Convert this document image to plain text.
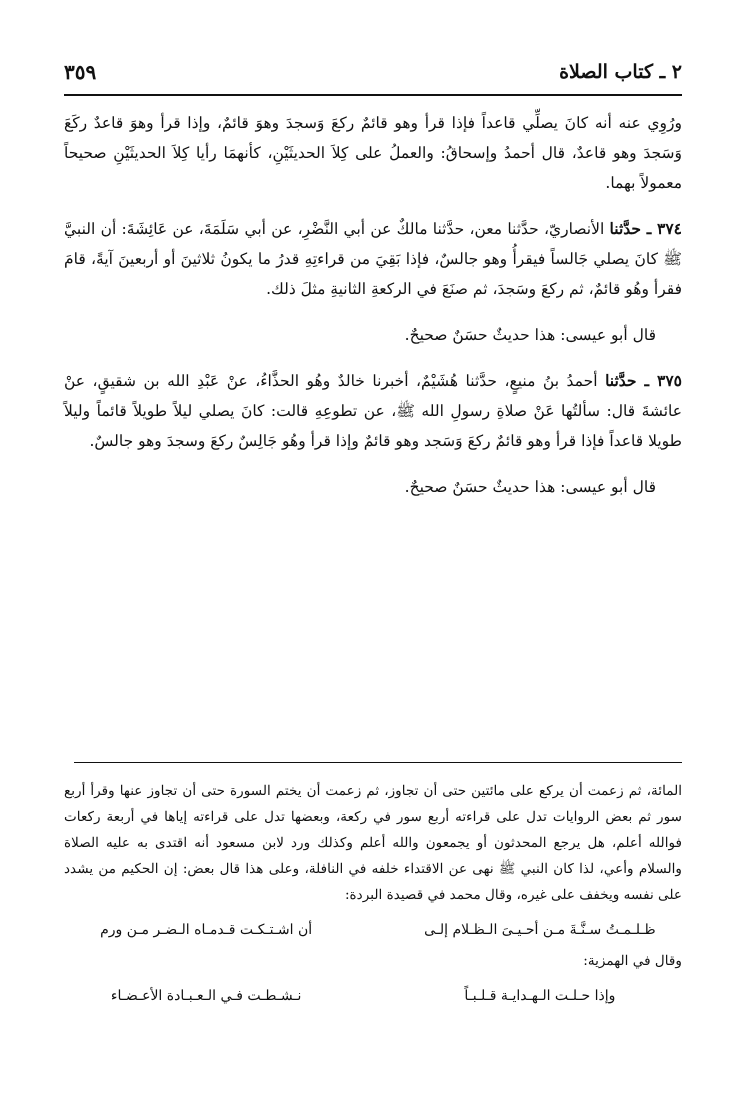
٢ ـ كتاب الصلاة
٣٥٩

ورُوِي عنه أنه كانَ يصلِّي قاعداً فإذا قرأ وهو قائمٌ ركعَ وَسجدَ وهوَ قائمٌ، وإذا قرأ وهوَ قاعدٌ ركَعَ وَسَجدَ وهو قاعدٌ، قال أحمدُ وإسحاقُ: والعملُ على كِلاَ الحديثَيْنِ، كأنهمَا رأيا كِلاَ الحديثَيْنِ صحيحاً معمولاً بهما.

٣٧٤ ـ حدَّثنا الأنصاريّ، حدَّثنا معن، حدَّثنا مالكٌ عن أبي النَّضْرِ، عن أبي سَلَمَةَ، عن عَائِشَةَ: أن النبيَّ ﷺ كانَ يصلي جَالساً فيقرأُ وهو جالسٌ، فإذا بَقِيَ من قراءتِهِ قدرُ ما يكونُ ثلاثينَ أو أربعينَ آيةً، قامَ فقرأ وهُو قائمٌ، ثم ركعَ وسَجدَ، ثم صنَعَ في الركعةِ الثانيةِ مثلَ ذلك.

قال أبو عيسى: هذا حديثٌ حسَنٌ صحيحٌ.

٣٧٥ ـ حدَّثنا أحمدُ بنُ منيعٍ، حدَّثنا هُشَيْمٌ، أخبرنا خالدٌ وهُو الحذَّاءُ، عنْ عَبْدِ الله بن شقيقٍ، عنْ عائشةَ قال: سألتُها عَنْ صلاةِ رسولِ الله ﷺ، عن تطوعِهِ قالت: كانَ يصلي ليلاً طويلاً قائماً وليلاً طويلا قاعداً فإذا قرأ وهو قائمٌ ركعَ وَسَجد وهو قائمٌ وإذا قرأ وهُو جَالِسٌ ركعَ وسجدَ وهو جالسٌ.

قال أبو عيسى: هذا حديثٌ حسَنٌ صحيحٌ.

المائة، ثم زعمت أن يركع على مائتين حتى أن تجاوز، ثم زعمت أن يختم السورة حتى أن تجاوز عنها وقرأ أربع سور ثم بعض الروايات تدل على قراءته أربع سور في ركعة، وبعضها تدل على قراءته إياها في أربعة ركعات فوالله أعلم، هل يرجع المحدثون أو يجمعون والله أعلم وكذلك ورد لابن مسعود أنه اقتدى به عليه الصلاة والسلام وأعي، لذا كان النبي ﷺ نهى عن الاقتداء خلفه في النافلة، وعلى هذا قال بعض: إن الحكيم من يشدد على نفسه ويخفف على غيره، وقال محمد في قصيدة البردة:

ظـلـمـتُ سـنَّـةَ مـن أحـيـىَ الـظـلام إلـى
أن اشـتـكـت قـدمـاه الـضـر مـن ورم

وقال في الهمزية:

وإذا حـلـت الـهـدايـة قـلـبـاً
نـشـطـت فـي الـعـبـادة الأعـضـاء
